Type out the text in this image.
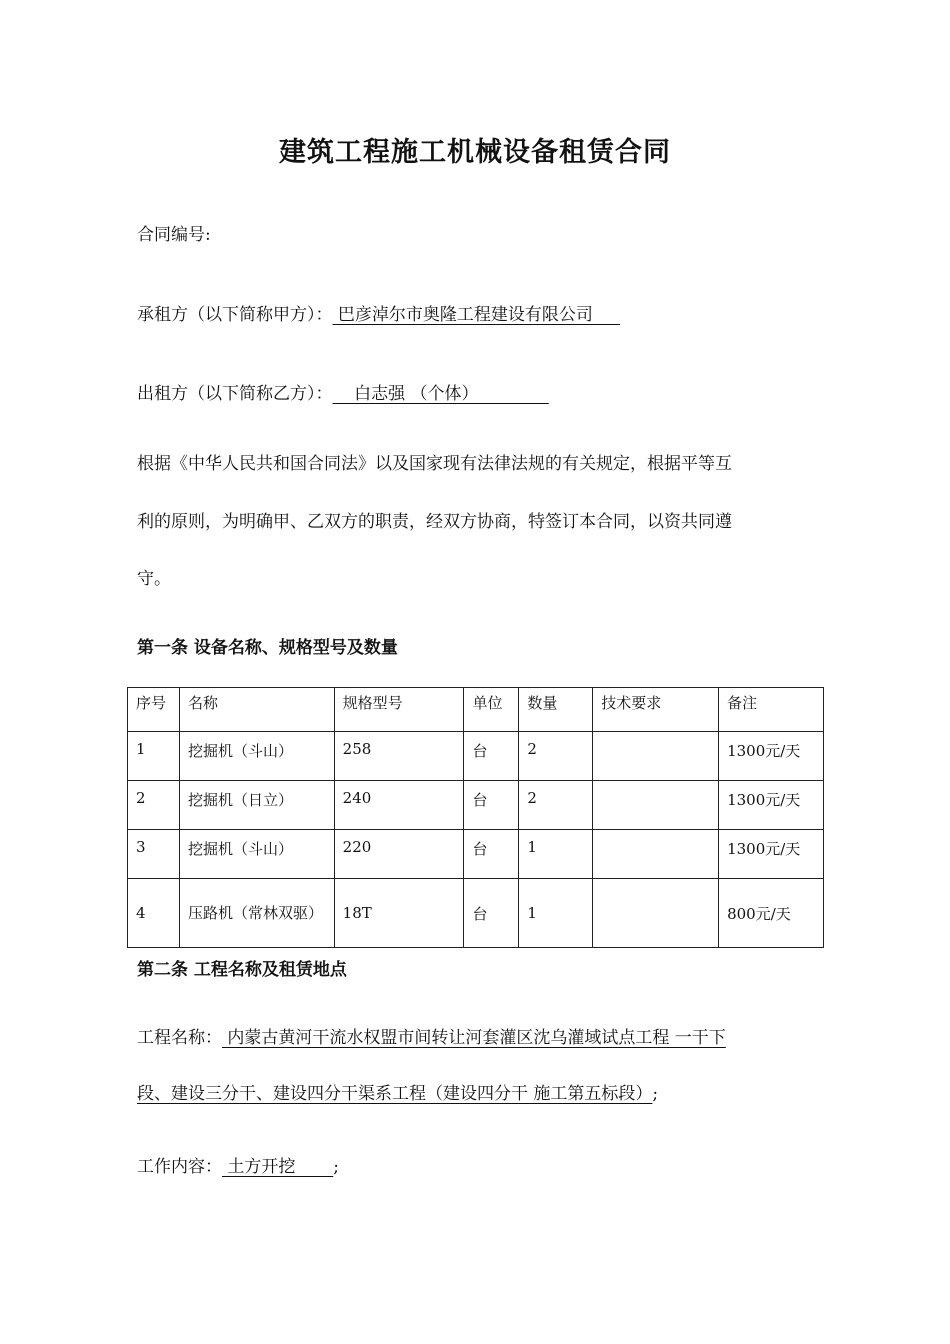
建筑工程施工机械设备租赁合同
合同编号:
承租方（以下简称甲方）： 巴彦淖尔市奥隆工程建设有限公司
出租方（以下简称乙方）：    白志强 （个体）
根据《中华人民共和国合同法》以及国家现有法律法规的有关规定，根据平等互
利的原则，为明确甲、乙双方的职责，经双方协商，特签订本合同，以资共同遵
守。
第一条 设备名称、规格型号及数量
序号	名称	规格型号	单位	数量	技术要求	备注
1	挖掘机（斗山）	258	台	2		1300元/天
2	挖掘机（日立）	240	台	2		1300元/天
3	挖掘机（斗山）	220	台	1		1300元/天
4	压路机（常林双驱）	18T	台	1		800元/天
第二条 工程名称及租赁地点
工程名称： 内蒙古黄河干流水权盟市间转让河套灌区沈乌灌域试点工程 一干下
段、建设三分干、建设四分干渠系工程（建设四分干 施工第五标段）;
工作内容： 土方开挖       ;
